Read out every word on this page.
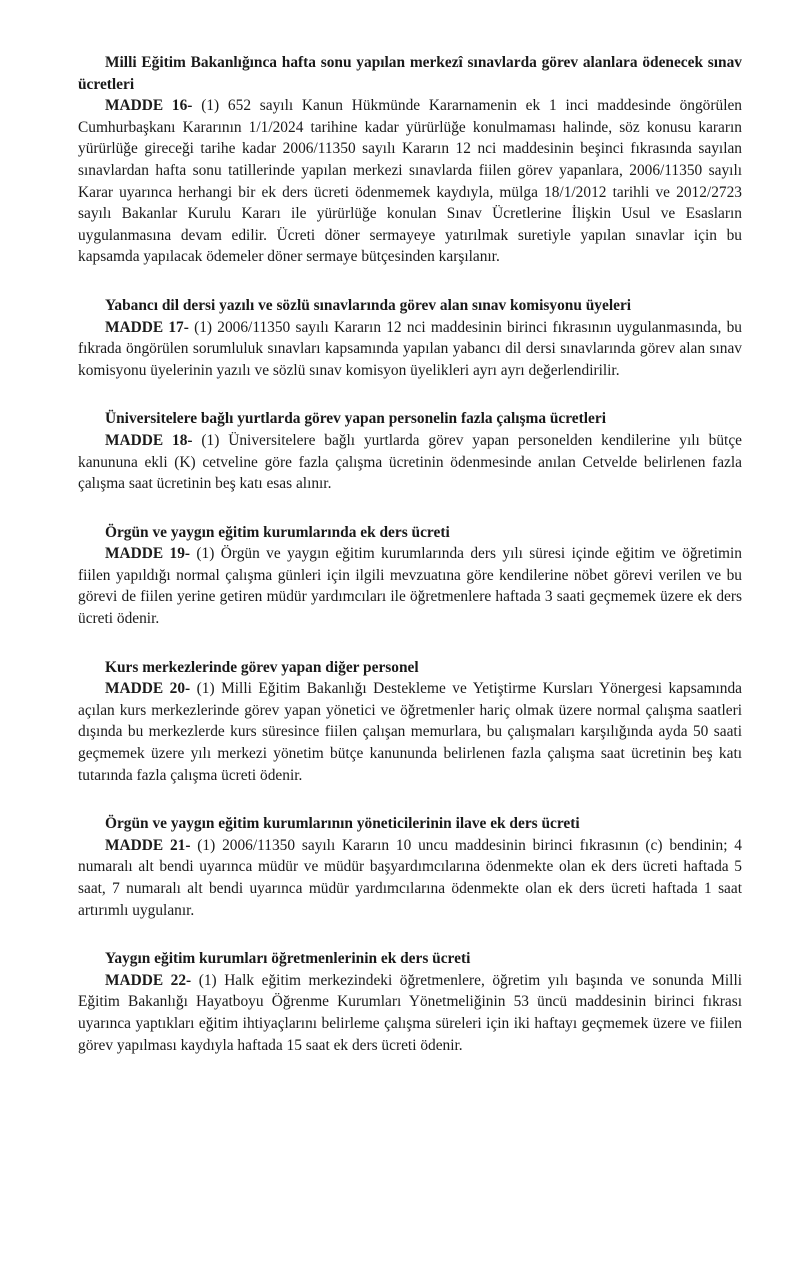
Milli Eğitim Bakanlığınca hafta sonu yapılan merkezî sınavlarda görev alanlara ödenecek sınav ücretleri

MADDE 16- (1) 652 sayılı Kanun Hükmünde Kararnamenin ek 1 inci maddesinde öngörülen Cumhurbaşkanı Kararının 1/1/2024 tarihine kadar yürürlüğe konulmaması halinde, söz konusu kararın yürürlüğe gireceği tarihe kadar 2006/11350 sayılı Kararın 12 nci maddesinin beşinci fıkrasında sayılan sınavlardan hafta sonu tatillerinde yapılan merkezi sınavlarda fiilen görev yapanlara, 2006/11350 sayılı Karar uyarınca herhangi bir ek ders ücreti ödenmemek kaydıyla, mülga 18/1/2012 tarihli ve 2012/2723 sayılı Bakanlar Kurulu Kararı ile yürürlüğe konulan Sınav Ücretlerine İlişkin Usul ve Esasların uygulanmasına devam edilir. Ücreti döner sermayeye yatırılmak suretiyle yapılan sınavlar için bu kapsamda yapılacak ödemeler döner sermaye bütçesinden karşılanır.

Yabancı dil dersi yazılı ve sözlü sınavlarında görev alan sınav komisyonu üyeleri

MADDE 17- (1) 2006/11350 sayılı Kararın 12 nci maddesinin birinci fıkrasının uygulanmasında, bu fıkrada öngörülen sorumluluk sınavları kapsamında yapılan yabancı dil dersi sınavlarında görev alan sınav komisyonu üyelerinin yazılı ve sözlü sınav komisyon üyelikleri ayrı ayrı değerlendirilir.

Üniversitelere bağlı yurtlarda görev yapan personelin fazla çalışma ücretleri

MADDE 18- (1) Üniversitelere bağlı yurtlarda görev yapan personelden kendilerine yılı bütçe kanununa ekli (K) cetveline göre fazla çalışma ücretinin ödenmesinde anılan Cetvelde belirlenen fazla çalışma saat ücretinin beş katı esas alınır.

Örgün ve yaygın eğitim kurumlarında ek ders ücreti

MADDE 19- (1) Örgün ve yaygın eğitim kurumlarında ders yılı süresi içinde eğitim ve öğretimin fiilen yapıldığı normal çalışma günleri için ilgili mevzuatına göre kendilerine nöbet görevi verilen ve bu görevi de fiilen yerine getiren müdür yardımcıları ile öğretmenlere haftada 3 saati geçmemek üzere ek ders ücreti ödenir.

Kurs merkezlerinde görev yapan diğer personel

MADDE 20- (1) Milli Eğitim Bakanlığı Destekleme ve Yetiştirme Kursları Yönergesi kapsamında açılan kurs merkezlerinde görev yapan yönetici ve öğretmenler hariç olmak üzere normal çalışma saatleri dışında bu merkezlerde kurs süresince fiilen çalışan memurlara, bu çalışmaları karşılığında ayda 50 saati geçmemek üzere yılı merkezi yönetim bütçe kanununda belirlenen fazla çalışma saat ücretinin beş katı tutarında fazla çalışma ücreti ödenir.

Örgün ve yaygın eğitim kurumlarının yöneticilerinin ilave ek ders ücreti

MADDE 21- (1) 2006/11350 sayılı Kararın 10 uncu maddesinin birinci fıkrasının (c) bendinin; 4 numaralı alt bendi uyarınca müdür ve müdür başyardımcılarına ödenmekte olan ek ders ücreti haftada 5 saat, 7 numaralı alt bendi uyarınca müdür yardımcılarına ödenmekte olan ek ders ücreti haftada 1 saat artırımlı uygulanır.

Yaygın eğitim kurumları öğretmenlerinin ek ders ücreti

MADDE 22- (1) Halk eğitim merkezindeki öğretmenlere, öğretim yılı başında ve sonunda Milli Eğitim Bakanlığı Hayatboyu Öğrenme Kurumları Yönetmeliğinin 53 üncü maddesinin birinci fıkrası uyarınca yaptıkları eğitim ihtiyaçlarını belirleme çalışma süreleri için iki haftayı geçmemek üzere ve fiilen görev yapılması kaydıyla haftada 15 saat ek ders ücreti ödenir.
